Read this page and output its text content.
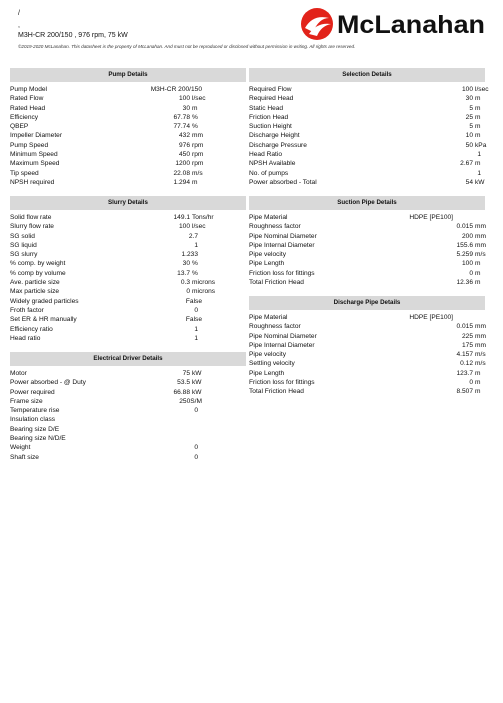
/
,
M3H-CR 200/150 , 976 rpm, 75 kW
©2019-2020 McLanahan. This datasheet is the property of McLanahan. And must not be reproduced or disclosed without permission in writing. All rights are reserved.
McLanahan
Pump Details
Pump Model	M3H-CR 200/150
Rated Flow	100 l/sec
Rated Head	30 m
Efficiency	67.78 %
QBEP	77.74 %
Impeller Diameter	432 mm
Pump Speed	976 rpm
Minimum Speed	450 rpm
Maximum Speed	1200 rpm
Tip speed	22.08 m/s
NPSH required	1.294 m
Slurry Details
Solid flow rate	149.1 Tons/hr
Slurry flow rate	100 l/sec
SG solid	2.7
SG liquid	1
SG slurry	1.233
% comp. by weight	30 %
% comp by volume	13.7 %
Ave. particle size	0.3 microns
Max particle size	0 microns
Widely graded particles	False
Froth factor	0
Set ER & HR manually	False
Efficiency ratio	1
Head ratio	1
Electrical Driver Details
Motor	75 kW
Power absorbed - @ Duty	53.5 kW
Power required	66.88 kW
Frame size	250S/M
Temperature rise	0
Insulation class
Bearing size D/E
Bearing size N/D/E
Weight	0
Shaft size	0
Selection Details
Required Flow	100 l/sec
Required Head	30 m
Static Head	5 m
Friction Head	25 m
Suction Height	5 m
Discharge Height	10 m
Discharge Pressure	50 kPa
Head Ratio	1
NPSH Available	2.67 m
No. of pumps	1
Power absorbed - Total	54 kW
Suction Pipe Details
Pipe Material	HDPE [PE100]
Roughness factor	0.015 mm
Pipe Nominal Diameter	200 mm
Pipe Internal Diameter	155.6 mm
Pipe velocity	5.259 m/s
Pipe Length	100 m
Friction loss for fittings	0 m
Total Friction Head	12.36 m
Discharge Pipe Details
Pipe Material	HDPE [PE100]
Roughness factor	0.015 mm
Pipe Nominal Diameter	225 mm
Pipe Internal Diameter	175 mm
Pipe velocity	4.157 m/s
Settling velocity	0.12 m/s
Pipe Length	123.7 m
Friction loss for fittings	0 m
Total Friction Head	8.507 m
